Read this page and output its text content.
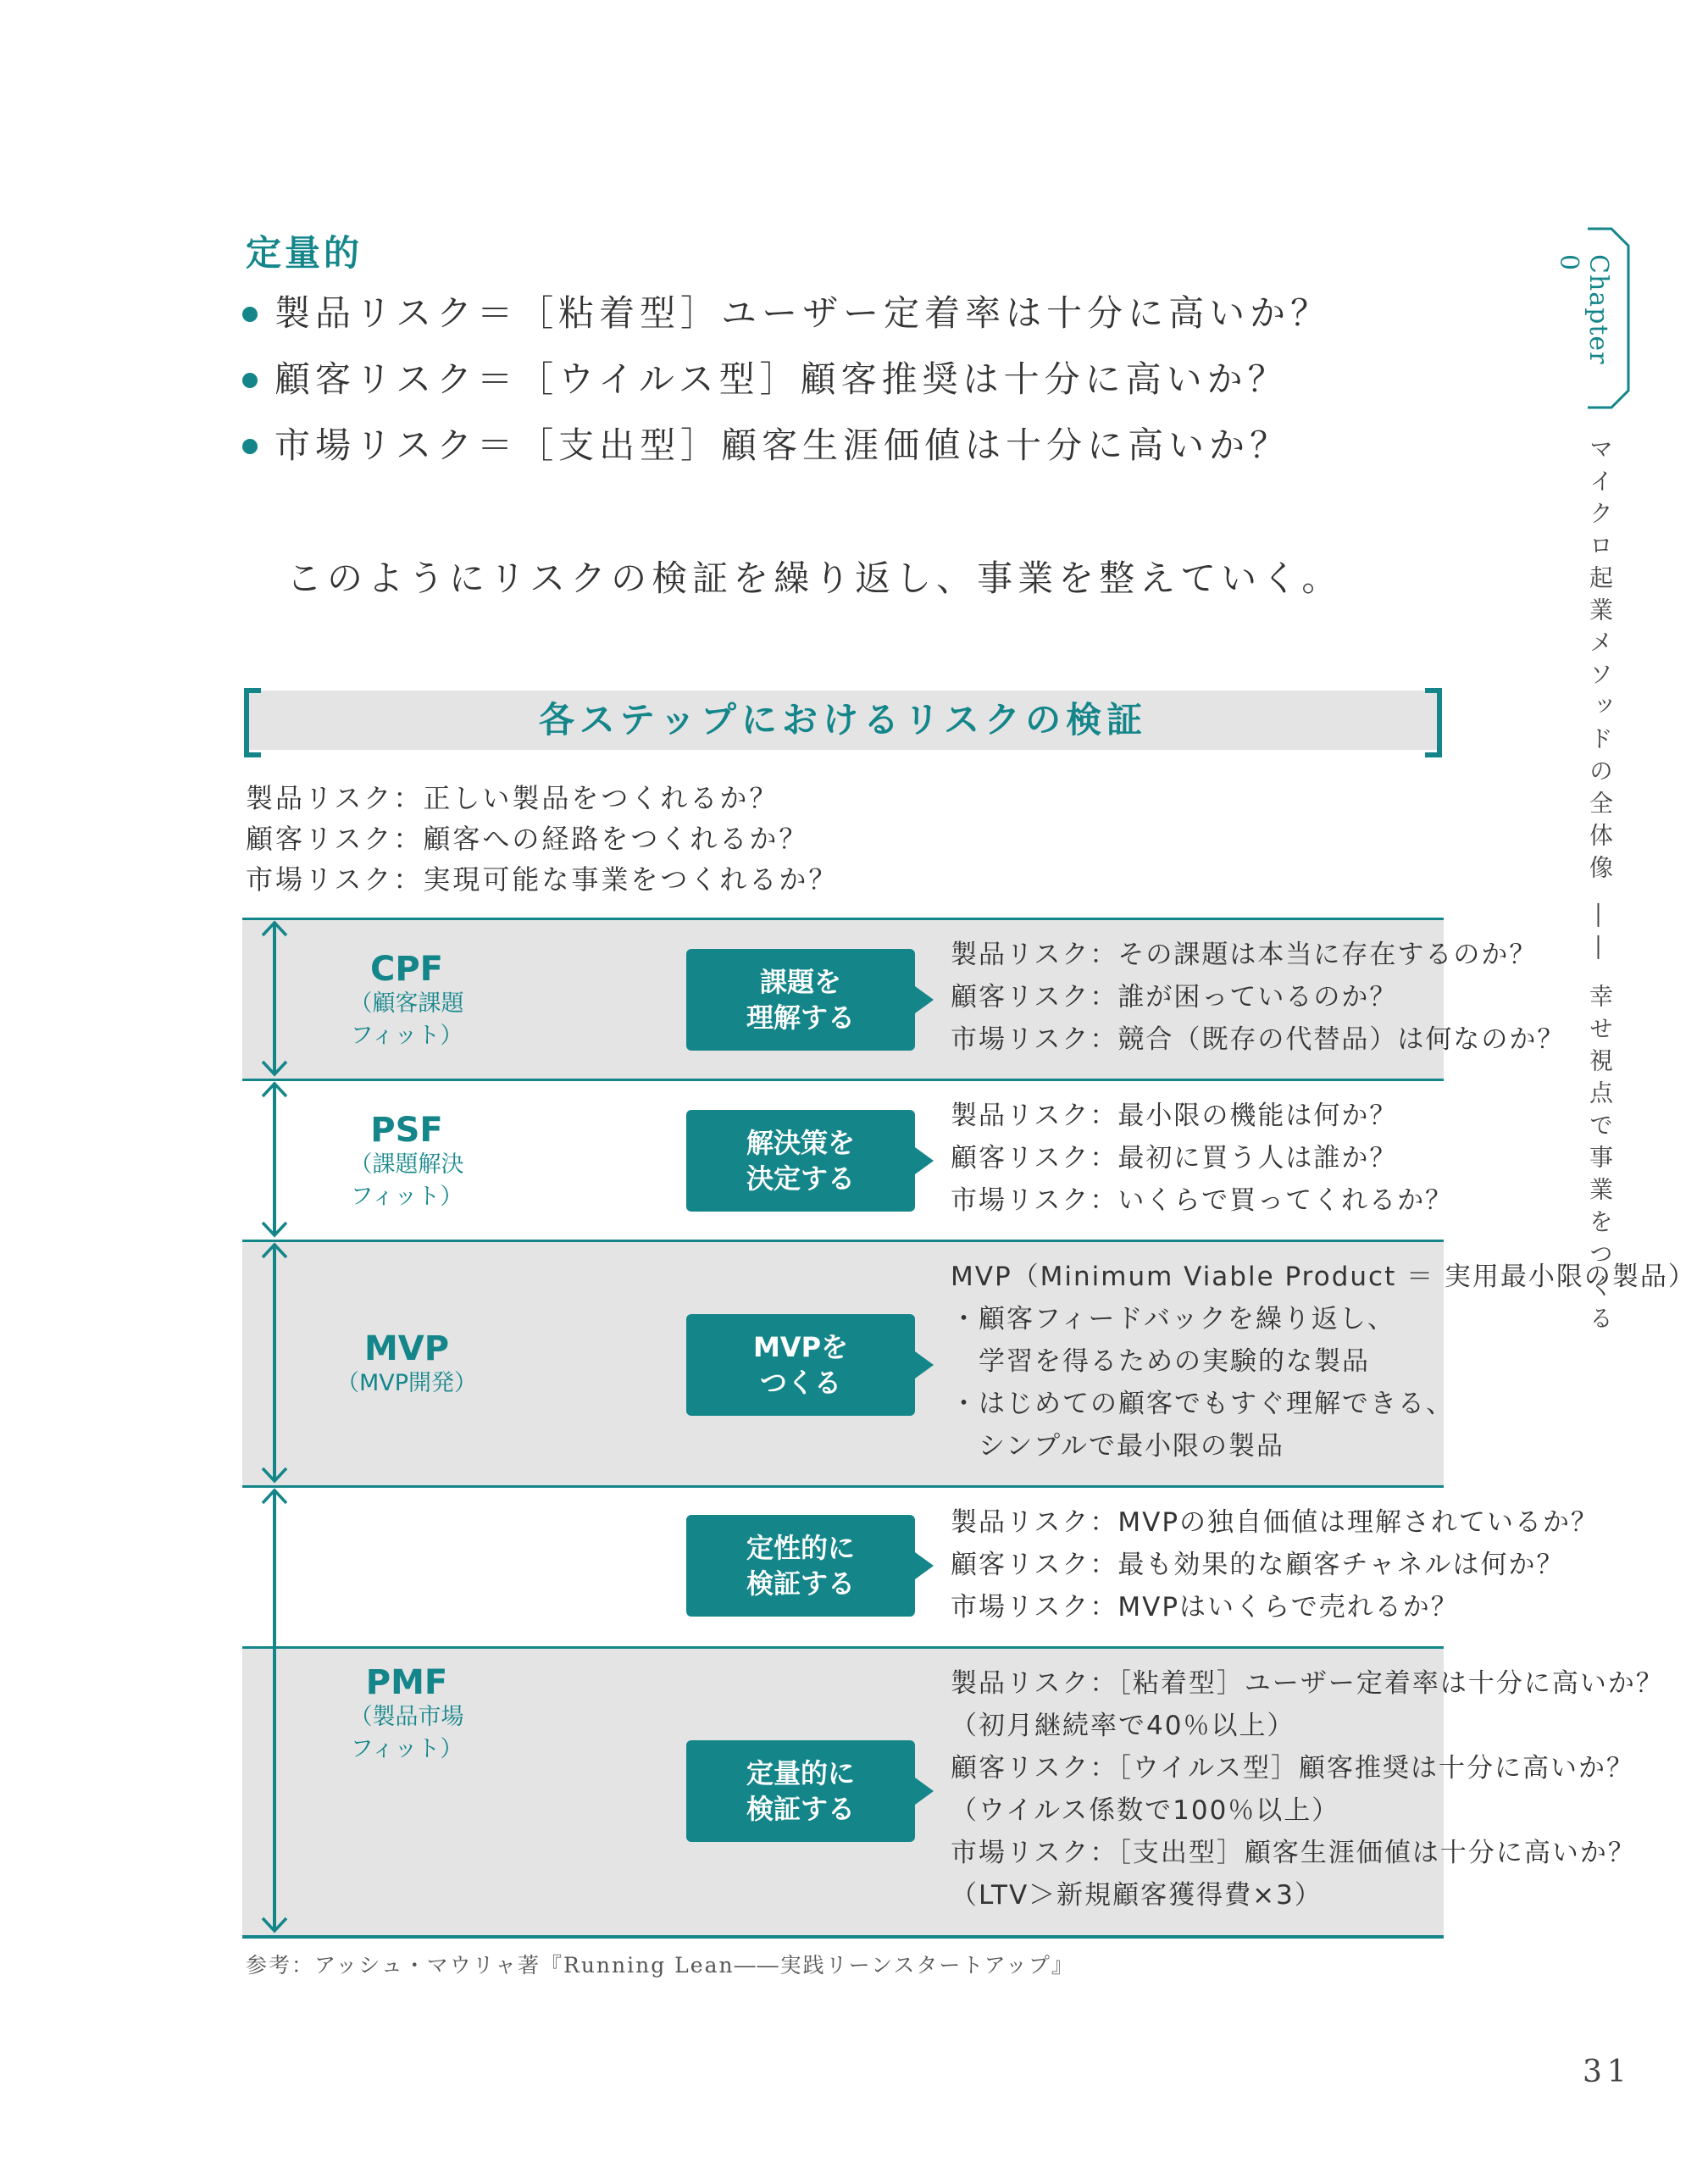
定量的
製品リスク＝［粘着型］ユーザー定着率は十分に高いか？
顧客リスク＝［ウイルス型］顧客推奨は十分に高いか？
市場リスク＝［支出型］顧客生涯価値は十分に高いか？
このようにリスクの検証を繰り返し、事業を整えていく。
各ステップにおけるリスクの検証
製品リスク：正しい製品をつくれるか？
顧客リスク：顧客への経路をつくれるか？
市場リスク：実現可能な事業をつくれるか？
CPF
（顧客課題
フィット）
課題を
理解する
製品リスク：その課題は本当に存在するのか？
顧客リスク：誰が困っているのか？
市場リスク：競合（既存の代替品）は何なのか？
PSF
（課題解決
フィット）
解決策を
決定する
製品リスク：最小限の機能は何か？
顧客リスク：最初に買う人は誰か？
市場リスク：いくらで買ってくれるか？
MVP
（MVP開発）
MVPを
つくる
MVP（Minimum Viable Product ＝ 実用最小限の製品）
・顧客フィードバックを繰り返し、
　学習を得るための実験的な製品
・はじめての顧客でもすぐ理解できる、
　シンプルで最小限の製品
定性的に
検証する
製品リスク：MVPの独自価値は理解されているか？
顧客リスク：最も効果的な顧客チャネルは何か？
市場リスク：MVPはいくらで売れるか？
PMF
（製品市場
フィット）
定量的に
検証する
製品リスク：［粘着型］ユーザー定着率は十分に高いか？
（初月継続率で40％以上）
顧客リスク：［ウイルス型］顧客推奨は十分に高いか？
（ウイルス係数で100％以上）
市場リスク：［支出型］顧客生涯価値は十分に高いか？
（LTV＞新規顧客獲得費×3）
参考：アッシュ・マウリャ著『Running Lean――実践リーンスタートアップ』
Chapter 0
マイクロ起業メソッドの全体像 ―― 幸せ視点で事業をつくる
31
